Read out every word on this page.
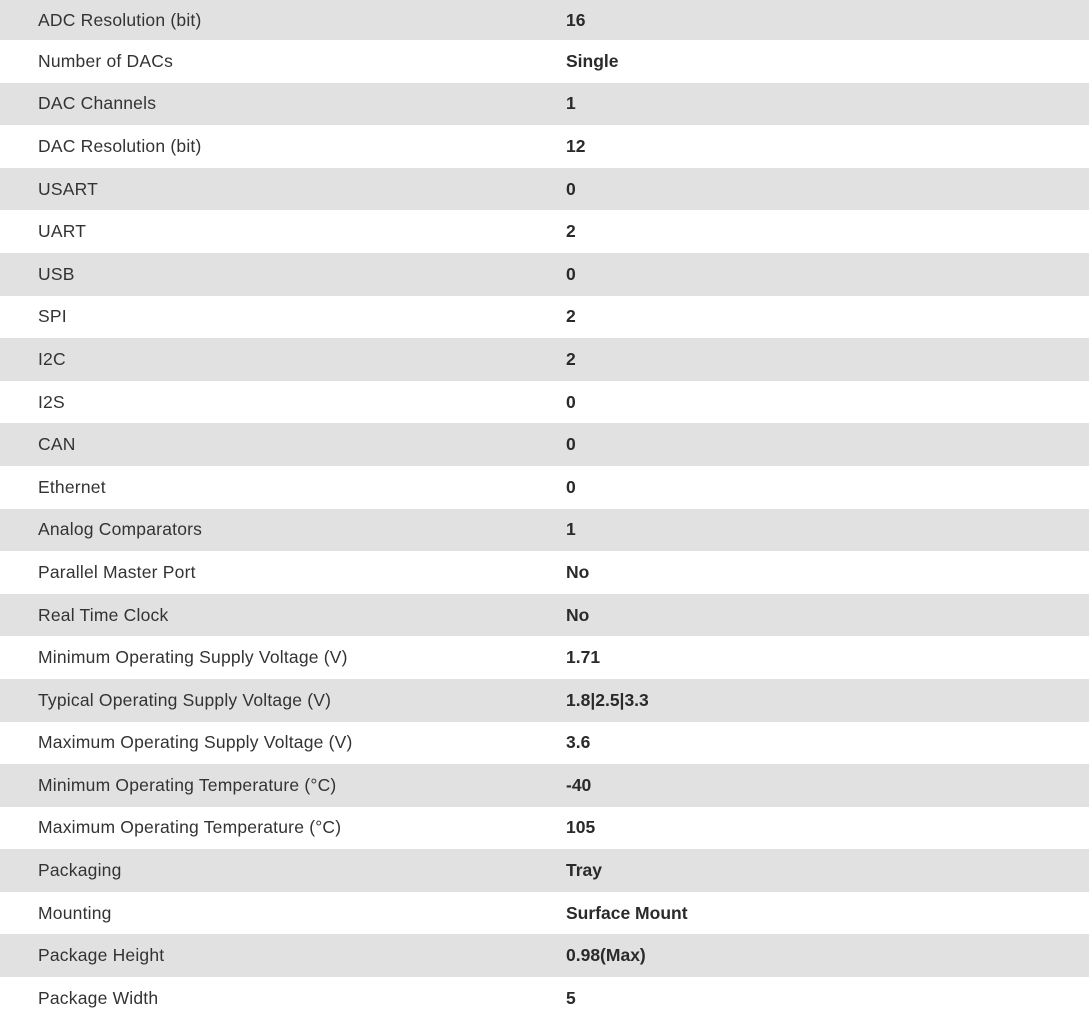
ADC Resolution (bit)	16
Number of DACs	Single
DAC Channels	1
DAC Resolution (bit)	12
USART	0
UART	2
USB	0
SPI	2
I2C	2
I2S	0
CAN	0
Ethernet	0
Analog Comparators	1
Parallel Master Port	No
Real Time Clock	No
Minimum Operating Supply Voltage (V)	1.71
Typical Operating Supply Voltage (V)	1.8|2.5|3.3
Maximum Operating Supply Voltage (V)	3.6
Minimum Operating Temperature (°C)	-40
Maximum Operating Temperature (°C)	105
Packaging	Tray
Mounting	Surface Mount
Package Height	0.98(Max)
Package Width	5
